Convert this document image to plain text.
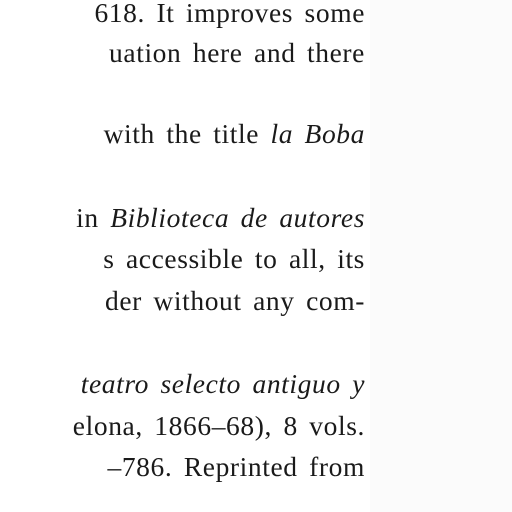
618. It improves some
uation here and there
with the title la Boba
in Biblioteca de autores
s accessible to all, its
der without any com-
teatro selecto antiguo y
elona, 1866–68), 8 vols.
–786. Reprinted from
